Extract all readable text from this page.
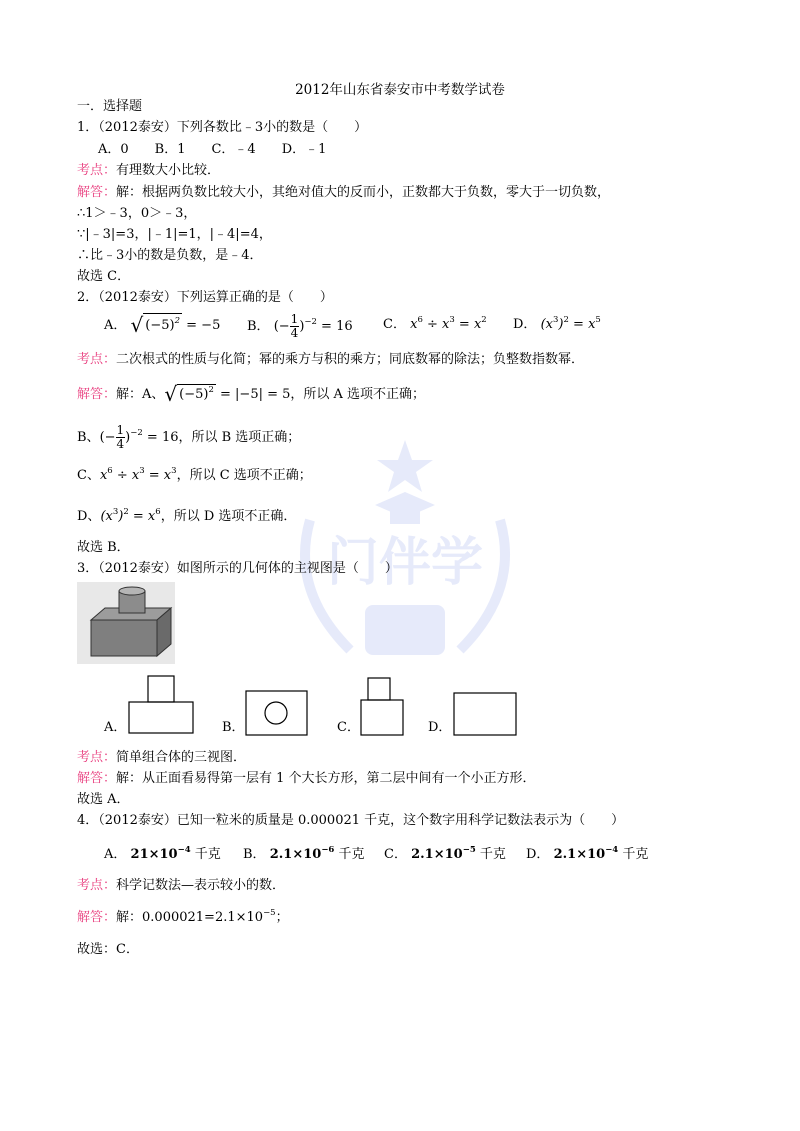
门伴学
2012年山东省泰安市中考数学试卷
一．选择题
1．（2012泰安）下列各数比﹣3小的数是（　　）
A．0　　B．1　　C．﹣4　　D．﹣1
考点：有理数大小比较．
解答：解：根据两负数比较大小，其绝对值大的反而小，正数都大于负数，零大于一切负数，
∴1＞﹣3，0＞﹣3，
∵|﹣3|=3，|﹣1|=1，|﹣4|=4，
∴比﹣3小的数是负数，是﹣4．
故选 C．
2．（2012泰安）下列运算正确的是（　　）
A． √ $(-5)^2 = -5$ B． (− $\frac{1}{4} )^{-2} = 16$ C． $x^6 \div x^3 = x^2$ D． $(x^3)^2 = x^5$
考点：二次根式的性质与化简；幂的乘方与积的乘方；同底数幂的除法；负整数指数幂．
解答：解：A、√ $(-5)^2 = |-5| = 5$，所以 A 选项不正确；
B、(− $\frac{1}{4} )^{-2} = 16$，所以 B 选项正确；
C、$x^6 \div x^3 = x^3$，所以 C 选项不正确；
D、$(x^3)^2 = x^6$，所以 D 选项不正确．
故选 B．
3．（2012泰安）如图所示的几何体的主视图是（　　）
A．	B．	C．	D．
考点：简单组合体的三视图．
解答：解：从正面看易得第一层有 1 个大长方形，第二层中间有一个小正方形．
故选 A．
4．（2012泰安）已知一粒米的质量是 0.000021 千克，这个数字用科学记数法表示为（　　）
A． $21\times 10^{-4}$ 千克 B． $2.1\times 10^{-6}$ 千克 C． $2.1\times 10^{-5}$ 千克 D． $2.1\times 10^{-4}$ 千克
考点：科学记数法—表示较小的数．
解答：解：$0.000021=2.1\times 10^{-5}$；
故选：C．
